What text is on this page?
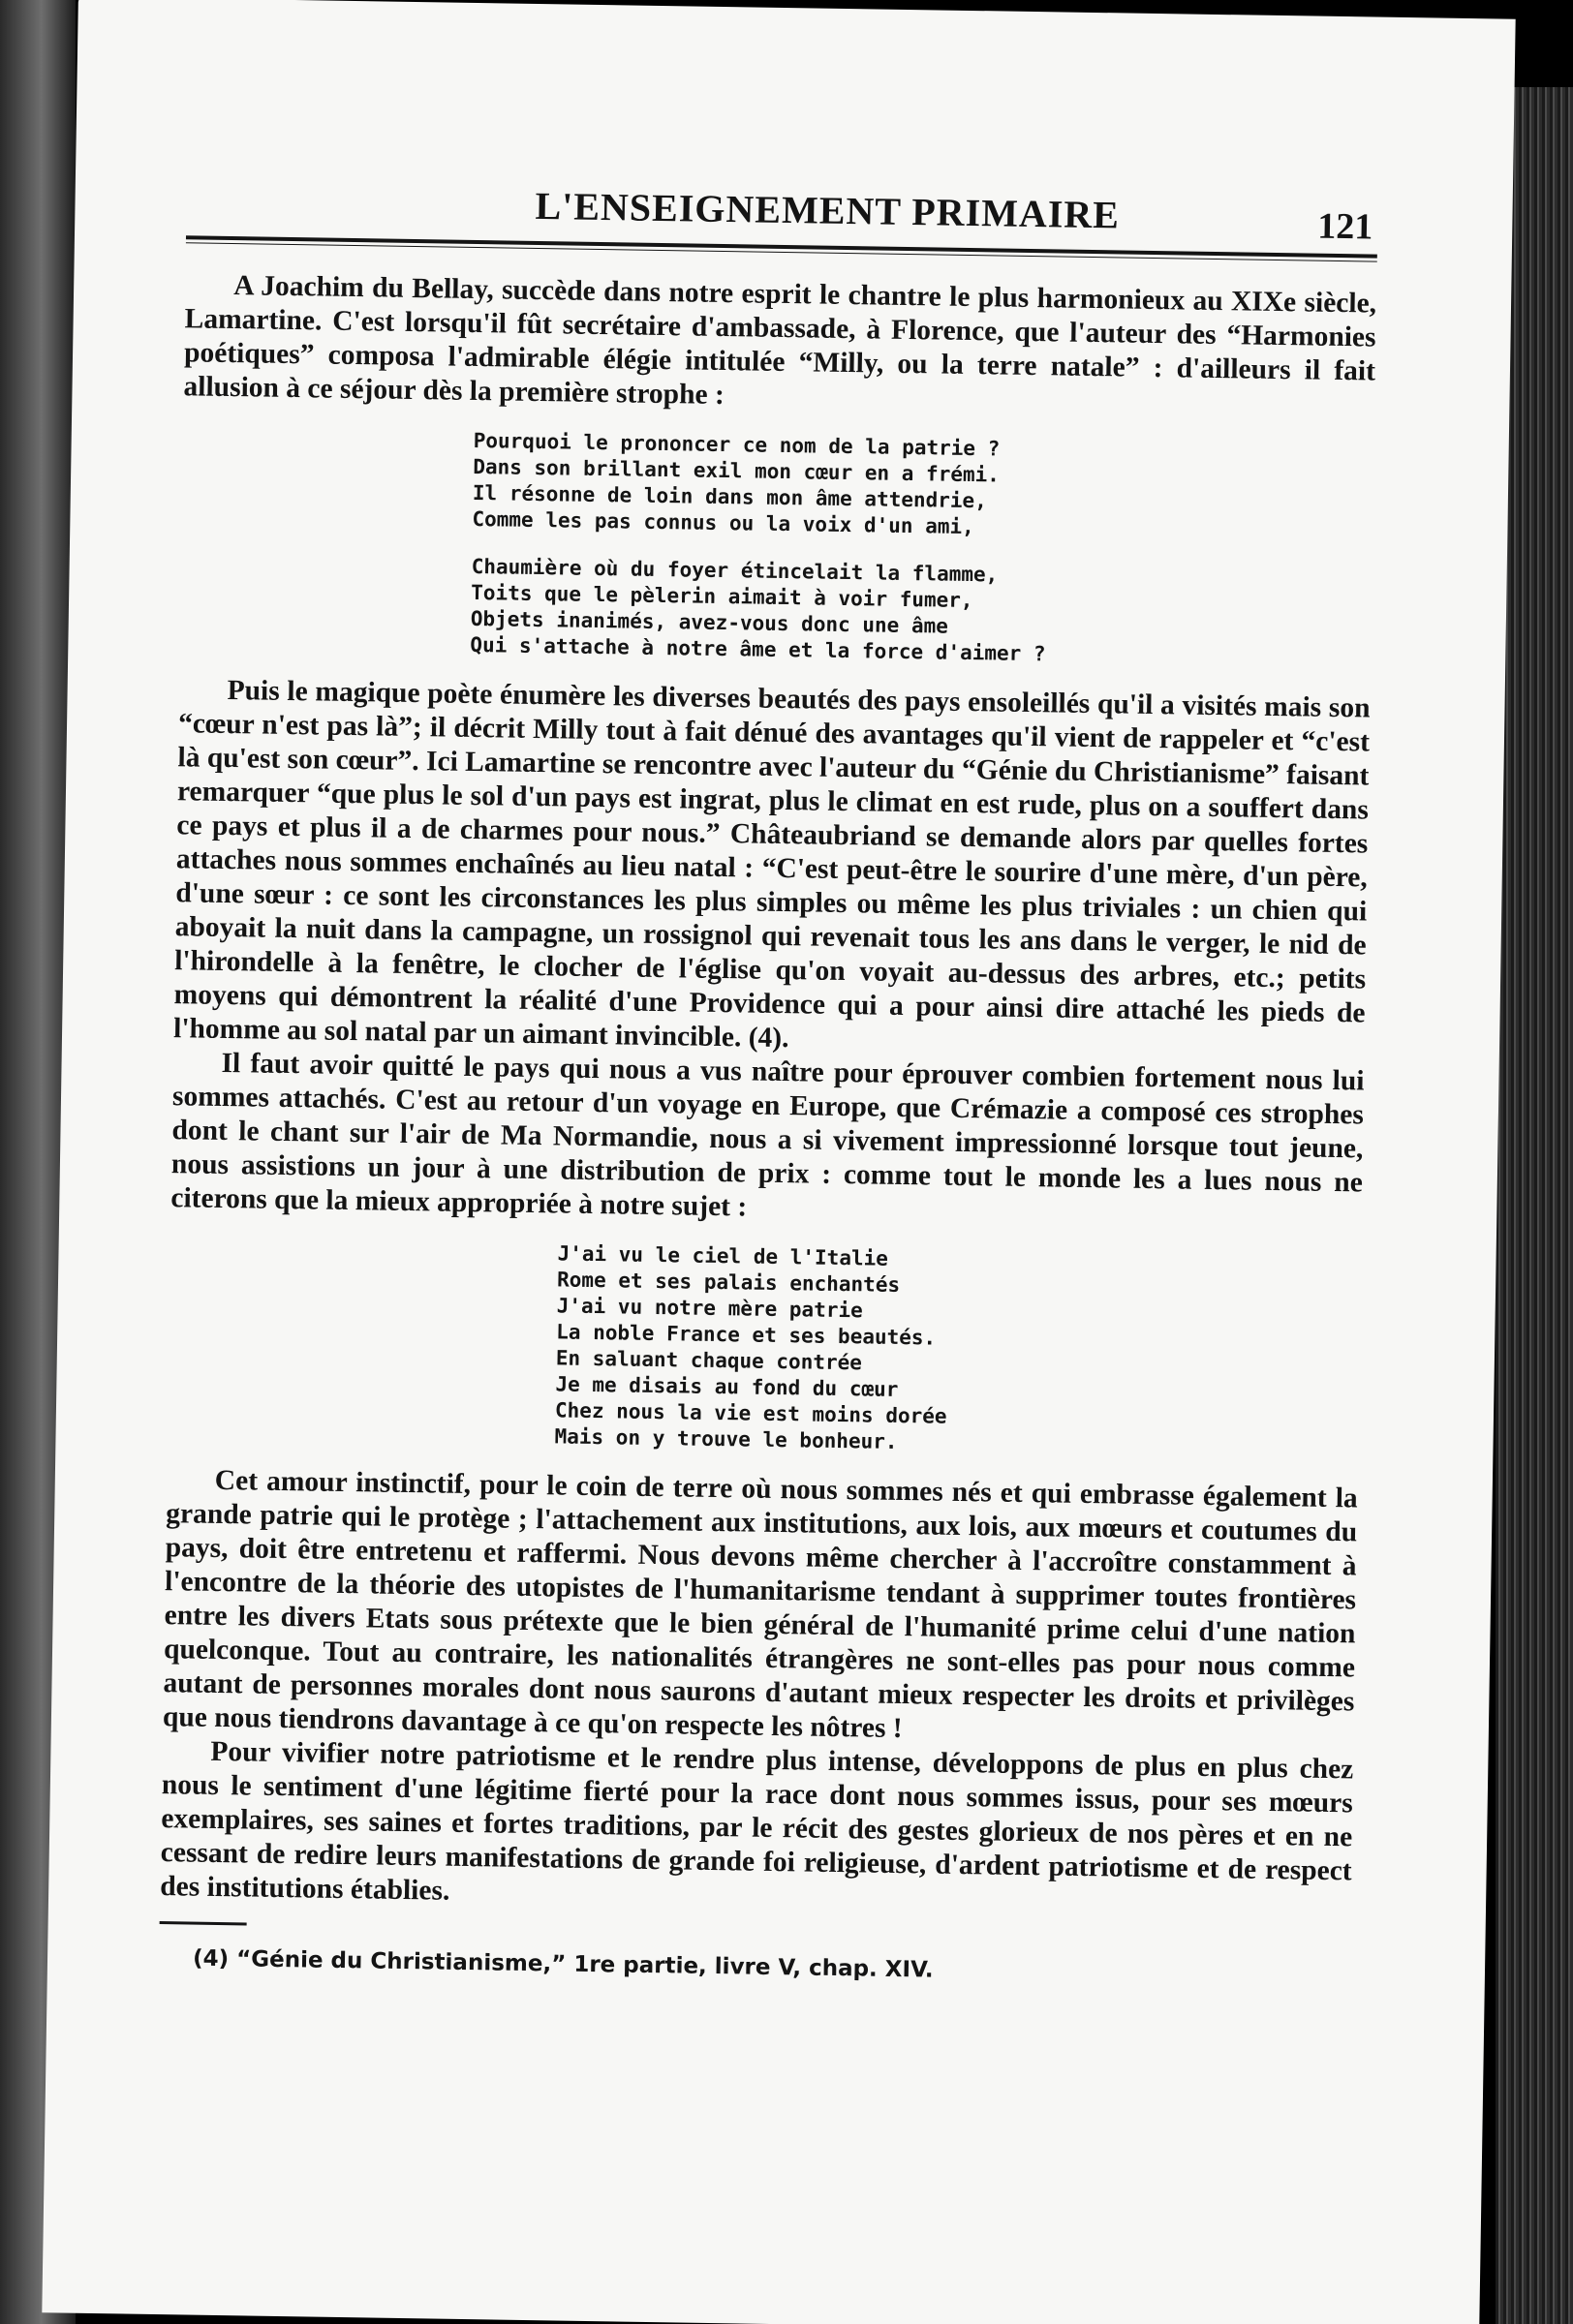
L'ENSEIGNEMENT PRIMAIRE	121

A Joachim du Bellay, succède dans notre esprit le chantre le plus harmonieux au XIXe siècle, Lamartine. C'est lorsqu'il fût secrétaire d'ambassade, à Florence, que l'auteur des “Harmonies poétiques” composa l'admirable élégie intitulée “Milly, ou la terre natale” : d'ailleurs il fait allusion à ce séjour dès la première strophe :

Pourquoi le prononcer ce nom de la patrie ?
Dans son brillant exil mon cœur en a frémi.
Il résonne de loin dans mon âme attendrie,
Comme les pas connus ou la voix d'un ami,
Chaumière où du foyer étincelait la flamme,
Toits que le pèlerin aimait à voir fumer,
Objets inanimés, avez-vous donc une âme
Qui s'attache à notre âme et la force d'aimer ?

Puis le magique poète énumère les diverses beautés des pays ensoleillés qu'il a visités mais son “cœur n'est pas là”; il décrit Milly tout à fait dénué des avantages qu'il vient de rappeler et “c'est là qu'est son cœur”. Ici Lamartine se rencontre avec l'auteur du “Génie du Christianisme” faisant remarquer “que plus le sol d'un pays est ingrat, plus le climat en est rude, plus on a souffert dans ce pays et plus il a de charmes pour nous.” Châteaubriand se demande alors par quelles fortes attaches nous sommes enchaînés au lieu natal : “C'est peut-être le sourire d'une mère, d'un père, d'une sœur : ce sont les circonstances les plus simples ou même les plus triviales : un chien qui aboyait la nuit dans la campagne, un rossignol qui revenait tous les ans dans le verger, le nid de l'hirondelle à la fenêtre, le clocher de l'église qu'on voyait au-dessus des arbres, etc.; petits moyens qui démontrent la réalité d'une Providence qui a pour ainsi dire attaché les pieds de l'homme au sol natal par un aimant invincible. (4).

Il faut avoir quitté le pays qui nous a vus naître pour éprouver combien fortement nous lui sommes attachés. C'est au retour d'un voyage en Europe, que Crémazie a composé ces strophes dont le chant sur l'air de Ma Normandie, nous a si vivement impressionné lorsque tout jeune, nous assistions un jour à une distribution de prix : comme tout le monde les a lues nous ne citerons que la mieux appropriée à notre sujet :

J'ai vu le ciel de l'Italie
Rome et ses palais enchantés
J'ai vu notre mère patrie
La noble France et ses beautés.
En saluant chaque contrée
Je me disais au fond du cœur
Chez nous la vie est moins dorée
Mais on y trouve le bonheur.

Cet amour instinctif, pour le coin de terre où nous sommes nés et qui embrasse également la grande patrie qui le protège ; l'attachement aux institutions, aux lois, aux mœurs et coutumes du pays, doit être entretenu et raffermi. Nous devons même chercher à l'accroître constamment à l'encontre de la théorie des utopistes de l'humanitarisme tendant à supprimer toutes frontières entre les divers Etats sous prétexte que le bien général de l'humanité prime celui d'une nation quelconque. Tout au contraire, les nationalités étrangères ne sont-elles pas pour nous comme autant de personnes morales dont nous saurons d'autant mieux respecter les droits et privilèges que nous tiendrons davantage à ce qu'on respecte les nôtres !

Pour vivifier notre patriotisme et le rendre plus intense, développons de plus en plus chez nous le sentiment d'une légitime fierté pour la race dont nous sommes issus, pour ses mœurs exemplaires, ses saines et fortes traditions, par le récit des gestes glorieux de nos pères et en ne cessant de redire leurs manifestations de grande foi religieuse, d'ardent patriotisme et de respect des institutions établies.

(4) “Génie du Christianisme,” 1re partie, livre V, chap. XIV.
